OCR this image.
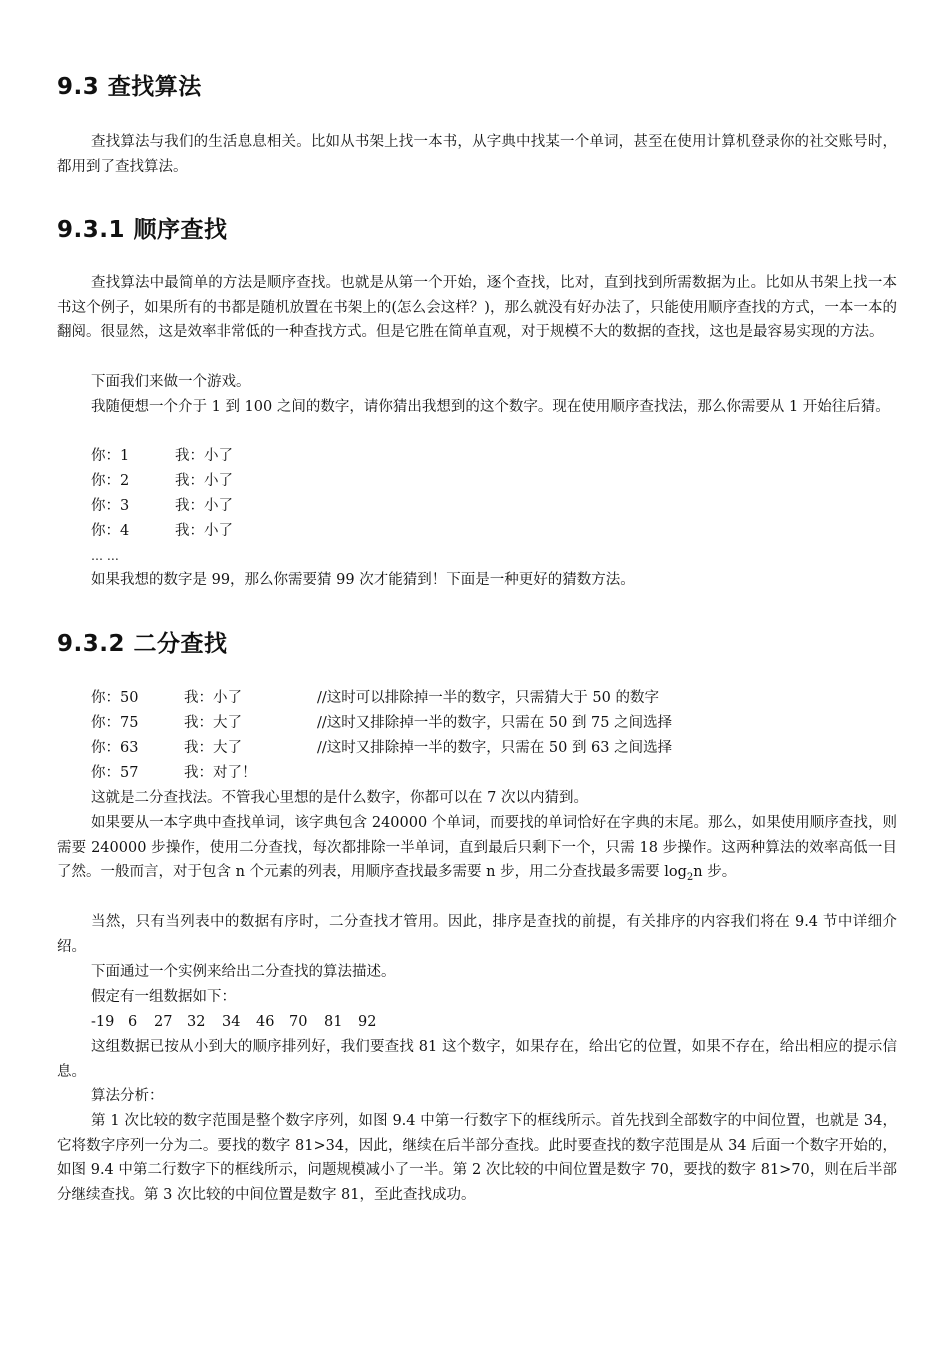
9.3 查找算法

查找算法与我们的生活息息相关。比如从书架上找一本书，从字典中找某一个单词，甚至在使用计算机登录你的社交账号时，都用到了查找算法。

9.3.1 顺序查找

查找算法中最简单的方法是顺序查找。也就是从第一个开始，逐个查找，比对，直到找到所需数据为止。比如从书架上找一本书这个例子，如果所有的书都是随机放置在书架上的(怎么会这样？)，那么就没有好办法了，只能使用顺序查找的方式，一本一本的翻阅。很显然，这是效率非常低的一种查找方式。但是它胜在简单直观，对于规模不大的数据的查找，这也是最容易实现的方法。

下面我们来做一个游戏。

我随便想一个介于 1 到 100 之间的数字，请你猜出我想到的这个数字。现在使用顺序查找法，那么你需要从 1 开始往后猜。

你：1	我：小了
你：2	我：小了
你：3	我：小了
你：4	我：小了

… …

如果我想的数字是 99，那么你需要猜 99 次才能猜到！下面是一种更好的猜数方法。

9.3.2 二分查找
你：50	我：小了	//这时可以排除掉一半的数字，只需猜大于 50 的数字
你：75	我：大了	//这时又排除掉一半的数字，只需在 50 到 75 之间选择
你：63	我：大了	//这时又排除掉一半的数字，只需在 50 到 63 之间选择
你：57	我：对了！

这就是二分查找法。不管我心里想的是什么数字，你都可以在 7 次以内猜到。

如果要从一本字典中查找单词，该字典包含 240000 个单词，而要找的单词恰好在字典的末尾。那么，如果使用顺序查找，则需要 240000 步操作，使用二分查找，每次都排除一半单词，直到最后只剩下一个，只需 18 步操作。这两种算法的效率高低一目了然。一般而言，对于包含 n 个元素的列表，用顺序查找最多需要 n 步，用二分查找最多需要 $\log_2n$ 步。

当然，只有当列表中的数据有序时，二分查找才管用。因此，排序是查找的前提，有关排序的内容我们将在 9.4 节中详细介绍。

下面通过一个实例来给出二分查找的算法描述。

假定有一组数据如下：

-19 6 27 32 34 46 70 81 92

这组数据已按从小到大的顺序排列好，我们要查找 81 这个数字，如果存在，给出它的位置，如果不存在，给出相应的提示信息。

算法分析：

第 1 次比较的数字范围是整个数字序列，如图 9.4 中第一行数字下的框线所示。首先找到全部数字的中间位置，也就是 34，它将数字序列一分为二。要找的数字 81>34，因此，继续在后半部分查找。此时要查找的数字范围是从 34 后面一个数字开始的，如图 9.4 中第二行数字下的框线所示，问题规模减小了一半。第 2 次比较的中间位置是数字 70，要找的数字 81>70，则在后半部分继续查找。第 3 次比较的中间位置是数字 81，至此查找成功。
